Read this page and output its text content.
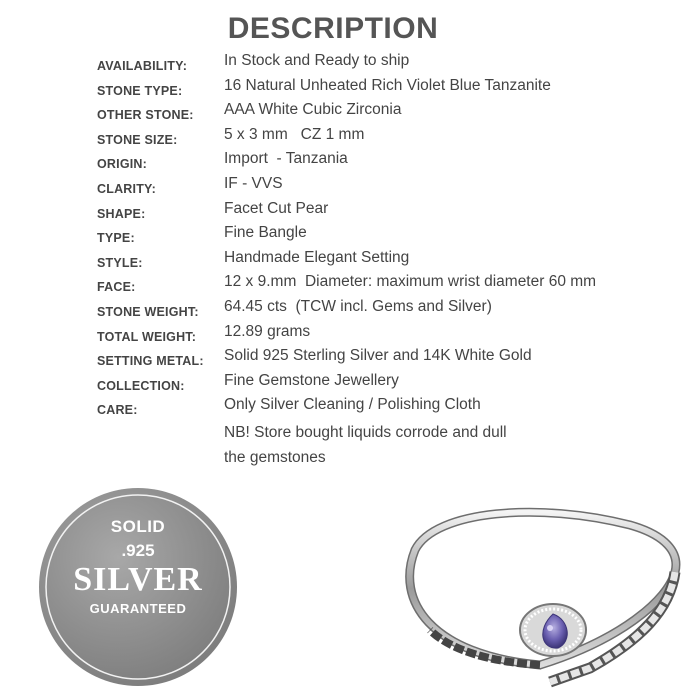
DESCRIPTION
AVAILABILITY: In Stock and Ready to ship
STONE TYPE:	16 Natural Unheated Rich Violet Blue Tanzanite
OTHER STONE: AAA White Cubic Zirconia
STONE SIZE:	5 x 3 mm   CZ 1 mm
ORIGIN:	Import  - Tanzania
CLARITY:	IF - VVS
SHAPE:	Facet Cut Pear
TYPE:	Fine Bangle
STYLE:	Handmade Elegant Setting
FACE:	12 x 9.mm  Diameter: maximum wrist diameter 60 mm
STONE WEIGHT: 64.45 cts  (TCW incl. Gems and Silver)
TOTAL WEIGHT: 12.89 grams
SETTING METAL: Solid 925 Sterling Silver and 14K White Gold
COLLECTION:	Fine Gemstone Jewellery
CARE:	Only Silver Cleaning / Polishing Cloth
NB! Store bought liquids corrode and dull
the gemstones
SOLID
.925
SILVER
GUARANTEED
